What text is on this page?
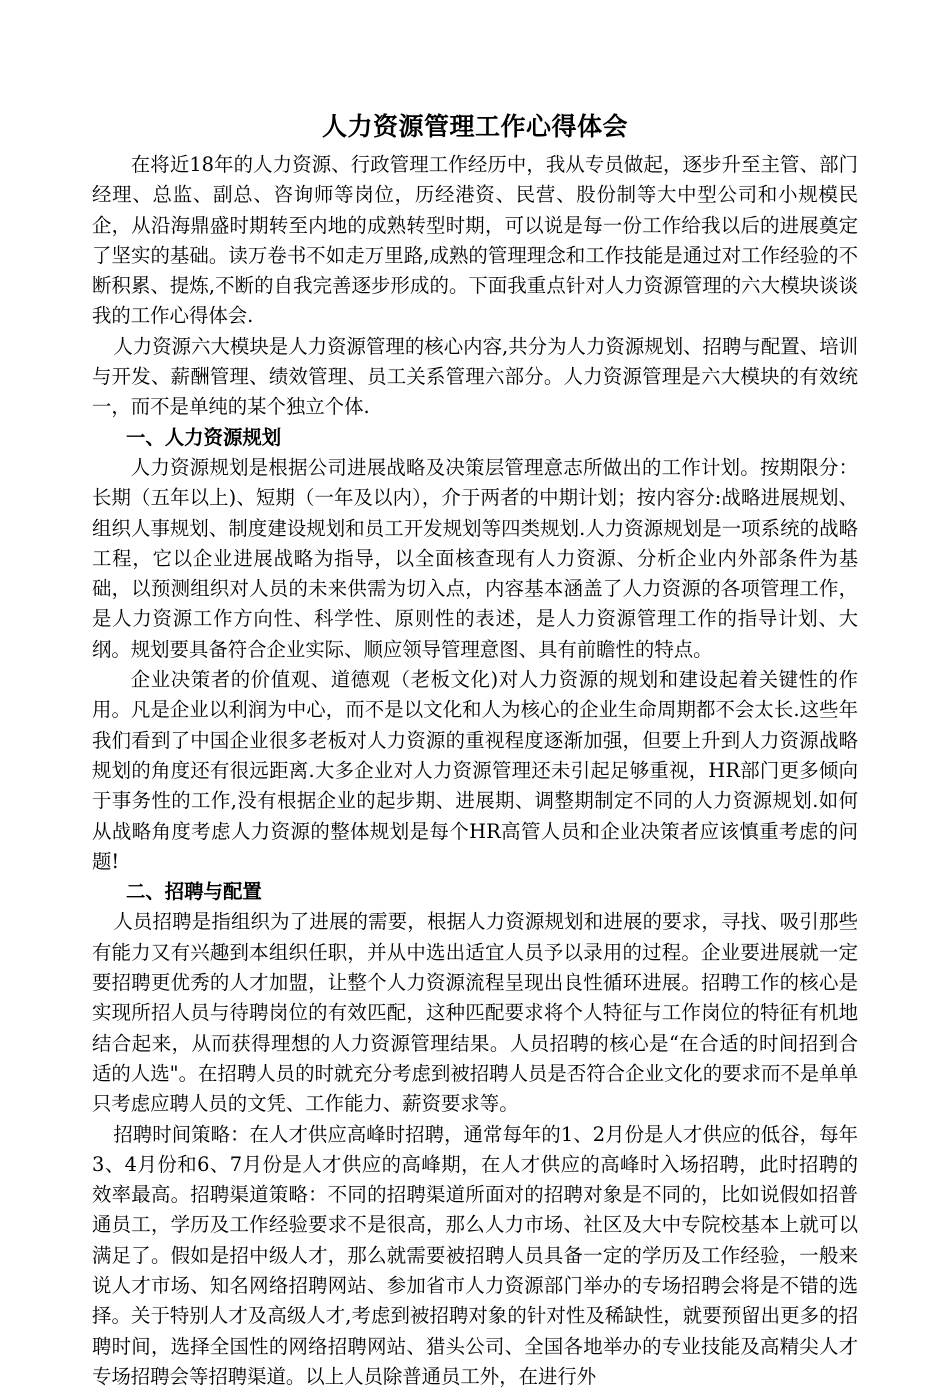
人力资源管理工作心得体会

在将近18年的人力资源、行政管理工作经历中，我从专员做起，逐步升至主管、部门经理、总监、副总、咨询师等岗位，历经港资、民营、股份制等大中型公司和小规模民企，从沿海鼎盛时期转至内地的成熟转型时期，可以说是每一份工作给我以后的进展奠定了坚实的基础。读万卷书不如走万里路,成熟的管理理念和工作技能是通过对工作经验的不断积累、提炼,不断的自我完善逐步形成的。下面我重点针对人力资源管理的六大模块谈谈我的工作心得体会.

人力资源六大模块是人力资源管理的核心内容,共分为人力资源规划、招聘与配置、培训与开发、薪酬管理、绩效管理、员工关系管理六部分。人力资源管理是六大模块的有效统一，而不是单纯的某个独立个体.

一、人力资源规划

人力资源规划是根据公司进展战略及决策层管理意志所做出的工作计划。按期限分：长期（五年以上)、短期（一年及以内），介于两者的中期计划；按内容分:战略进展规划、组织人事规划、制度建设规划和员工开发规划等四类规划.人力资源规划是一项系统的战略工程，它以企业进展战略为指导，以全面核查现有人力资源、分析企业内外部条件为基础，以预测组织对人员的未来供需为切入点，内容基本涵盖了人力资源的各项管理工作，是人力资源工作方向性、科学性、原则性的表述，是人力资源管理工作的指导计划、大纲。规划要具备符合企业实际、顺应领导管理意图、具有前瞻性的特点。

企业决策者的价值观、道德观（老板文化)对人力资源的规划和建设起着关键性的作用。凡是企业以利润为中心，而不是以文化和人为核心的企业生命周期都不会太长.这些年我们看到了中国企业很多老板对人力资源的重视程度逐渐加强，但要上升到人力资源战略规划的角度还有很远距离.大多企业对人力资源管理还未引起足够重视，HR部门更多倾向于事务性的工作,没有根据企业的起步期、进展期、调整期制定不同的人力资源规划.如何从战略角度考虑人力资源的整体规划是每个HR高管人员和企业决策者应该慎重考虑的问题!

二、招聘与配置

人员招聘是指组织为了进展的需要，根据人力资源规划和进展的要求，寻找、吸引那些有能力又有兴趣到本组织任职，并从中选出适宜人员予以录用的过程。企业要进展就一定要招聘更优秀的人才加盟，让整个人力资源流程呈现出良性循环进展。招聘工作的核心是实现所招人员与待聘岗位的有效匹配，这种匹配要求将个人特征与工作岗位的特征有机地结合起来，从而获得理想的人力资源管理结果。人员招聘的核心是“在合适的时间招到合适的人选"。在招聘人员的时就充分考虑到被招聘人员是否符合企业文化的要求而不是单单只考虑应聘人员的文凭、工作能力、薪资要求等。

招聘时间策略：在人才供应高峰时招聘，通常每年的1、2月份是人才供应的低谷，每年3、4月份和6、7月份是人才供应的高峰期，在人才供应的高峰时入场招聘，此时招聘的效率最高。招聘渠道策略：不同的招聘渠道所面对的招聘对象是不同的，比如说假如招普通员工，学历及工作经验要求不是很高，那么人力市场、社区及大中专院校基本上就可以满足了。假如是招中级人才，那么就需要被招聘人员具备一定的学历及工作经验，一般来说人才市场、知名网络招聘网站、参加省市人力资源部门举办的专场招聘会将是不错的选择。关于特别人才及高级人才,考虑到被招聘对象的针对性及稀缺性，就要预留出更多的招聘时间，选择全国性的网络招聘网站、猎头公司、全国各地举办的专业技能及高精尖人才专场招聘会等招聘渠道。以上人员除普通员工外，在进行外
